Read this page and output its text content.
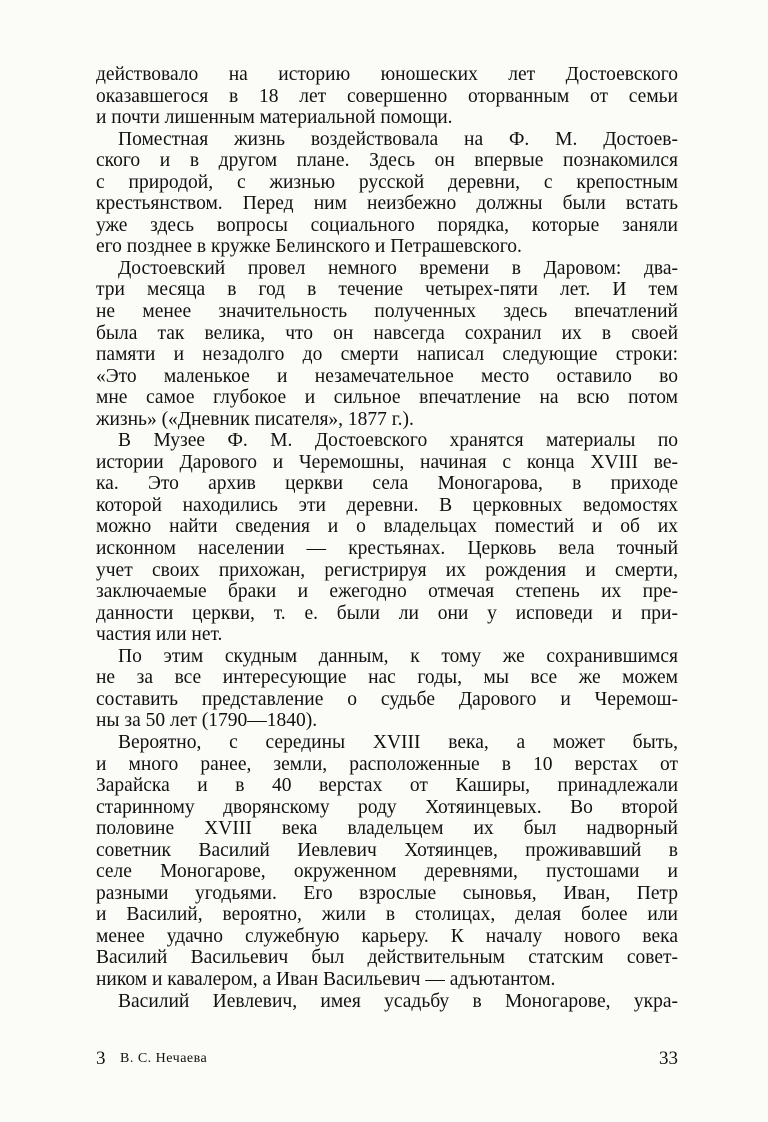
действовало на историю юношеских лет Достоевского
оказавшегося в 18 лет совершенно оторванным от семьи
и почти лишенным материальной помощи.
Поместная жизнь воздействовала на Ф. М. Достоев-
ского и в другом плане. Здесь он впервые познакомился
с природой, с жизнью русской деревни, с крепостным
крестьянством. Перед ним неизбежно должны были встать
уже здесь вопросы социального порядка, которые заняли
его позднее в кружке Белинского и Петрашевского.
Достоевский провел немного времени в Даровом: два-
три месяца в год в течение четырех-пяти лет. И тем
не менее значительность полученных здесь впечатлений
была так велика, что он навсегда сохранил их в своей
памяти и незадолго до смерти написал следующие строки:
«Это маленькое и незамечательное место оставило во
мне самое глубокое и сильное впечатление на всю потом
жизнь» («Дневник писателя», 1877 г.).
В Музее Ф. М. Достоевского хранятся материалы по
истории Дарового и Черемошны, начиная с конца XVIII ве-
ка. Это архив церкви села Моногарова, в приходе
которой находились эти деревни. В церковных ведомостях
можно найти сведения и о владельцах поместий и об их
исконном населении — крестьянах. Церковь вела точный
учет своих прихожан, регистрируя их рождения и смерти,
заключаемые браки и ежегодно отмечая степень их пре-
данности церкви, т. е. были ли они у исповеди и при-
частия или нет.
По этим скудным данным, к тому же сохранившимся
не за все интересующие нас годы, мы все же можем
составить представление о судьбе Дарового и Черемош-
ны за 50 лет (1790—1840).
Вероятно, с середины XVIII века, а может быть,
и много ранее, земли, расположенные в 10 верстах от
Зарайска и в 40 верстах от Каширы, принадлежали
старинному дворянскому роду Хотяинцевых. Во второй
половине XVIII века владельцем их был надворный
советник Василий Иевлевич Хотяинцев, проживавший в
селе Моногарове, окруженном деревнями, пустошами и
разными угодьями. Его взрослые сыновья, Иван, Петр
и Василий, вероятно, жили в столицах, делая более или
менее удачно служебную карьеру. К началу нового века
Василий Васильевич был действительным статским совет-
ником и кавалером, а Иван Васильевич — адъютантом.
Василий Иевлевич, имея усадьбу в Моногарове, укра-
3 В. С. Нечаева	33
